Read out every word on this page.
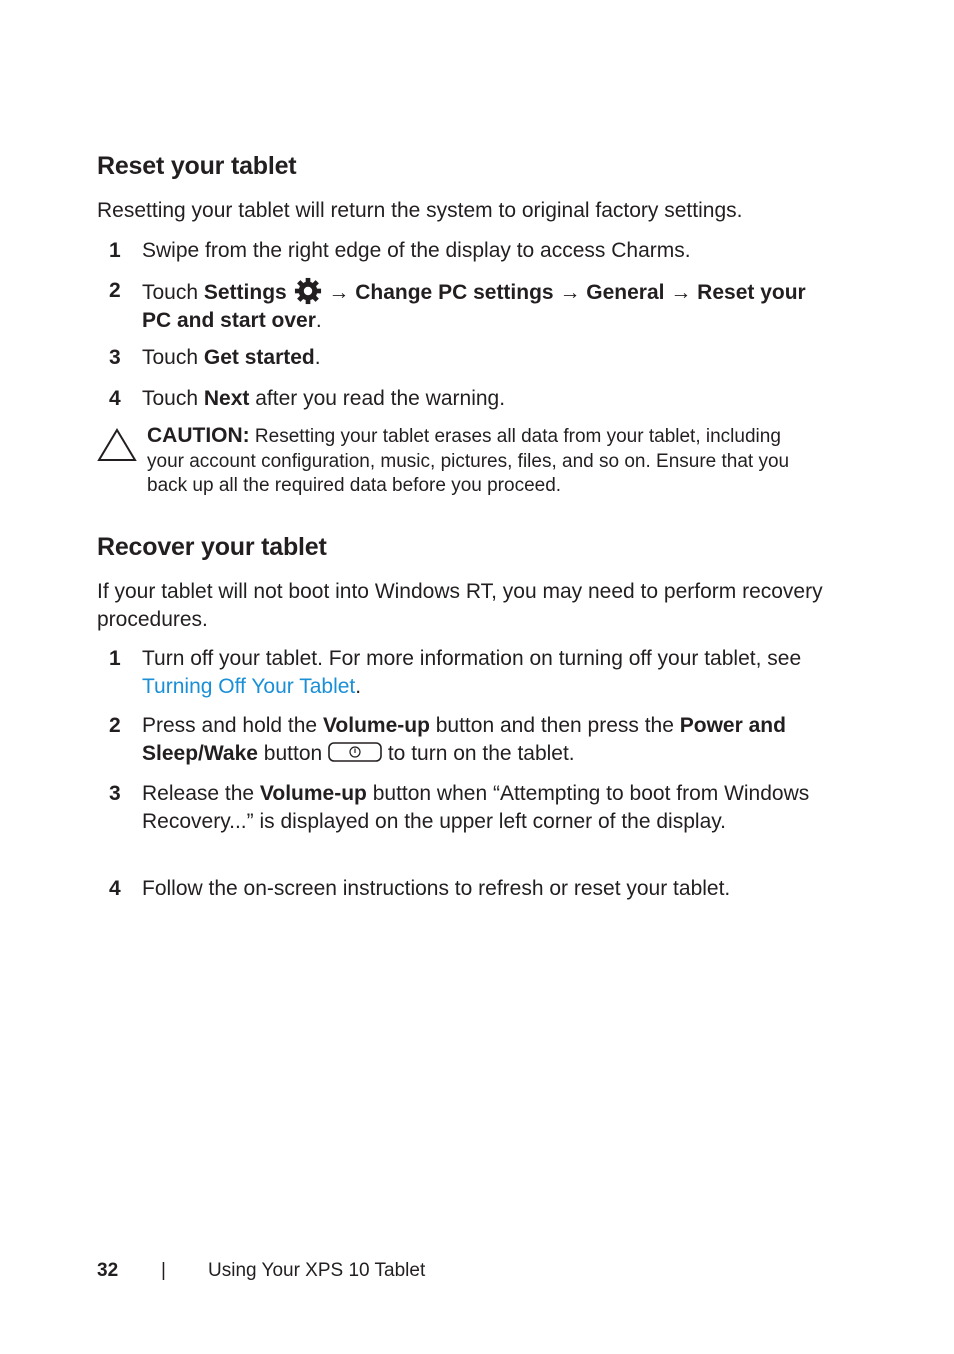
Reset your tablet

Resetting your tablet will return the system to original factory settings.

1 Swipe from the right edge of the display to access Charms.
2 Touch Settings  → Change PC settings → General → Reset your PC and start over.
3 Touch Get started.
4 Touch Next after you read the warning.
CAUTION: Resetting your tablet erases all data from your tablet, including your account configuration, music, pictures, files, and so on. Ensure that you back up all the required data before you proceed.
Recover your tablet

If your tablet will not boot into Windows RT, you may need to perform recovery procedures.

1 Turn off your tablet. For more information on turning off your tablet, see Turning Off Your Tablet.
2 Press and hold the Volume-up button and then press the Power and Sleep/Wake button	to turn on the tablet.
3 Release the Volume-up button when “Attempting to boot from Windows Recovery...” is displayed on the upper left corner of the display.
4 Follow the on-screen instructions to refresh or reset your tablet.
32 | Using Your XPS 10 Tablet
